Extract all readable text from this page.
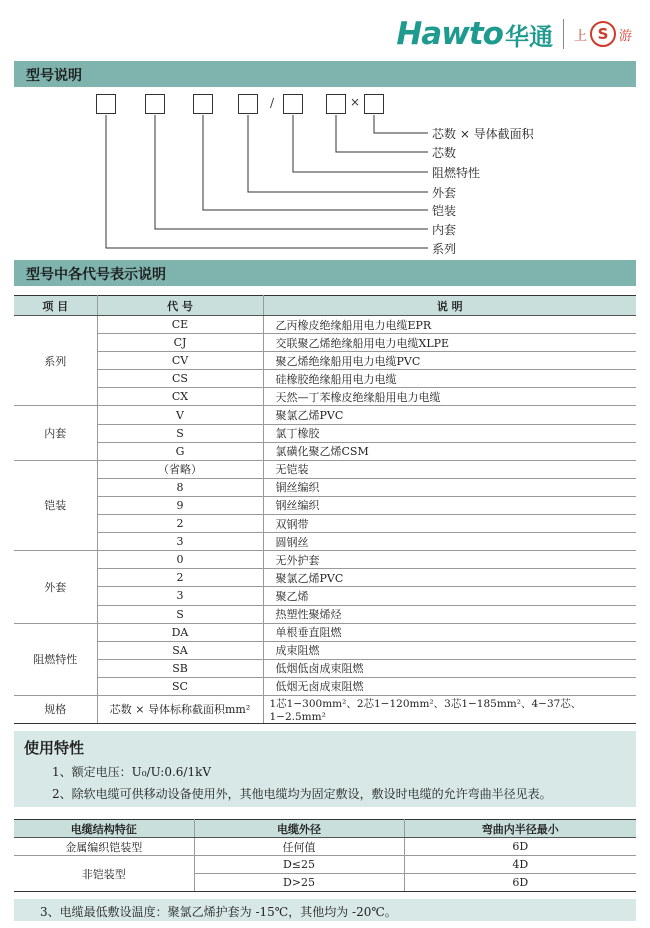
Hawto 华通 上 S 游
型号说明
/	×
芯数 × 导体截面积
芯数
阻燃特性
外套
铠装
内套
系列
型号中各代号表示说明
项 目	代 号	说 明
系列	CE	乙丙橡皮绝缘船用电力电缆EPR
	CJ	交联聚乙烯绝缘船用电力电缆XLPE
	CV	聚乙烯绝缘船用电力电缆PVC
	CS	硅橡胶绝缘船用电力电缆
	CX	天然—丁苯橡皮绝缘船用电力电缆
内套	V	聚氯乙烯PVC
	S	氯丁橡胶
	G	氯磺化聚乙烯CSM
铠装	（省略）	无铠装
	8	铜丝编织
	9	钢丝编织
	2	双钢带
	3	圆钢丝
外套	0	无外护套
	2	聚氯乙烯PVC
	3	聚乙烯
	S	热塑性聚烯烃
阻燃特性	DA	单根垂直阻燃
	SA	成束阻燃
	SB	低烟低卤成束阻燃
	SC	低烟无卤成束阻燃
规格	芯数 × 导体标称截面积mm²	1芯1−300mm²、2芯1−120mm²、3芯1−185mm²、4−37芯、1−2.5mm²
使用特性

1、额定电压：U₀/U:0.6/1kV

2、除软电缆可供移动设备使用外，其他电缆均为固定敷设，敷设时电缆的允许弯曲半径见表。

电缆结构特征	电缆外径	弯曲内半径最小
金属编织铠装型	任何值	6D
非铠装型	D≤25	4D
	D>25	6D

3、电缆最低敷设温度：聚氯乙烯护套为 -15℃，其他均为 -20℃。
